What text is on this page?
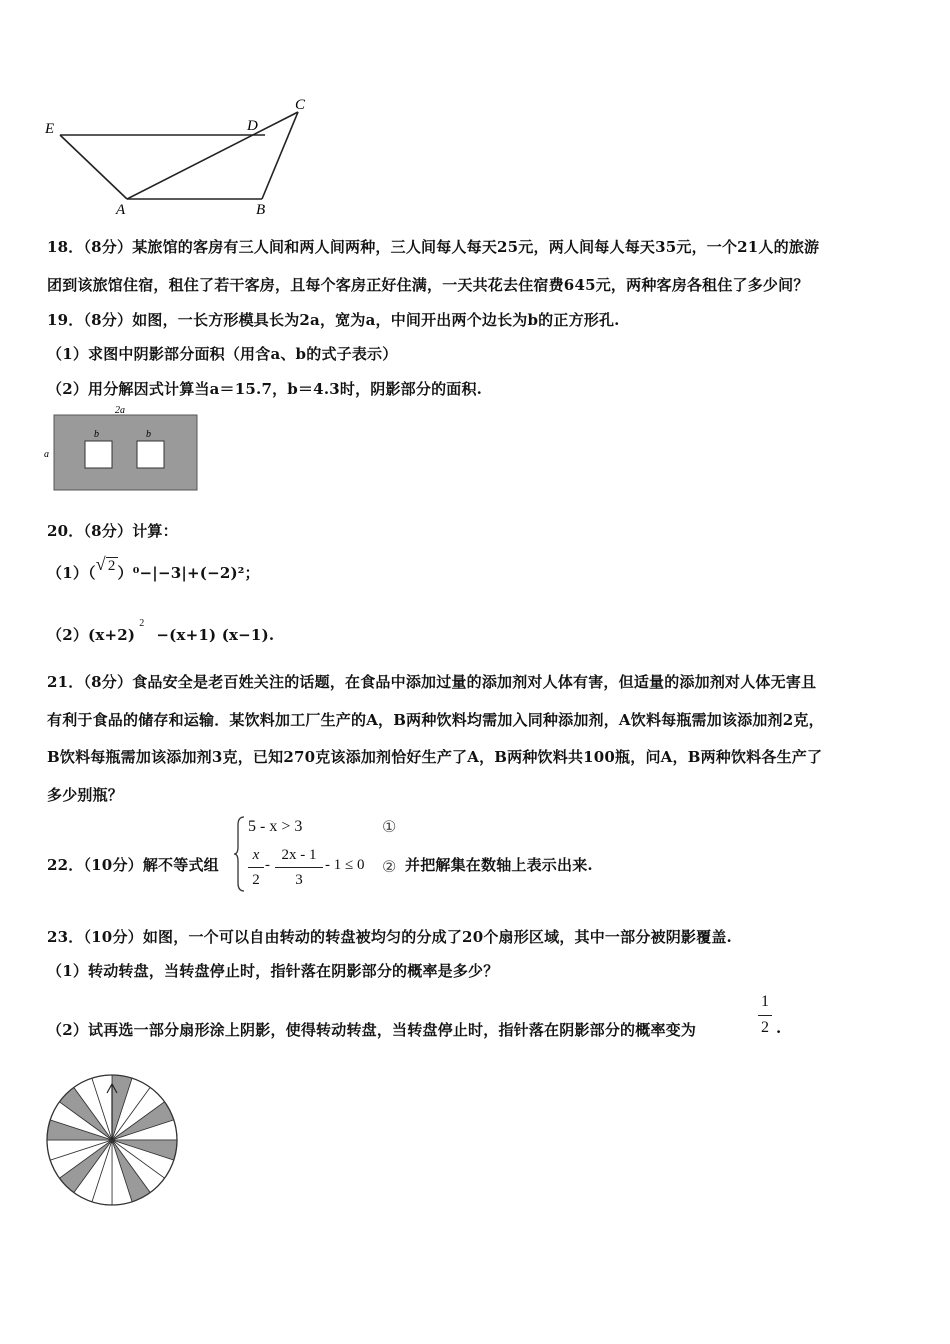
E	D
C
A	B
18．（8分）某旅馆的客房有三人间和两人间两种，三人间每人每天25元，两人间每人每天35元，一个21人的旅游
团到该旅馆住宿，租住了若干客房，且每个客房正好住满，一天共花去住宿费645元，两种客房各租住了多少间？
19．（8分）如图，一长方形模具长为2a，宽为a，中间开出两个边长为b的正方形孔.
（1）求图中阴影部分面积（用含a、b的式子表示）
（2）用分解因式计算当a＝15.7，b＝4.3时，阴影部分的面积.
2a
a
b	b
20．（8分）计算：
（1）（√ 2 ）⁰−|−3|+(−2)²；
$(2)(x+2)^2-(x+1)$ (x−1).
21．（8分）食品安全是老百姓关注的话题，在食品中添加过量的添加剂对人体有害，但适量的添加剂对人体无害且
有利于食品的储存和运输．某饮料加工厂生产的A，B两种饮料均需加入同种添加剂，A饮料每瓶需加该添加剂2克，
B饮料每瓶需加该添加剂3克，已知270克该添加剂恰好生产了A，B两种饮料共100瓶，问A，B两种饮料各生产了
多少别瓶？
22．（10分）解不等式组
5 - x > 3	①
x
2
-
2x - 1
3
- 1 ≤ 0 ② 并把解集在数轴上表示出来.
23．（10分）如图，一个可以自由转动的转盘被均匀的分成了20个扇形区域，其中一部分被阴影覆盖.
（1）转动转盘，当转盘停止时，指针落在阴影部分的概率是多少？
（2）试再选一部分扇形涂上阴影，使得转动转盘，当转盘停止时，指针落在阴影部分的概率变为
1
2 .
